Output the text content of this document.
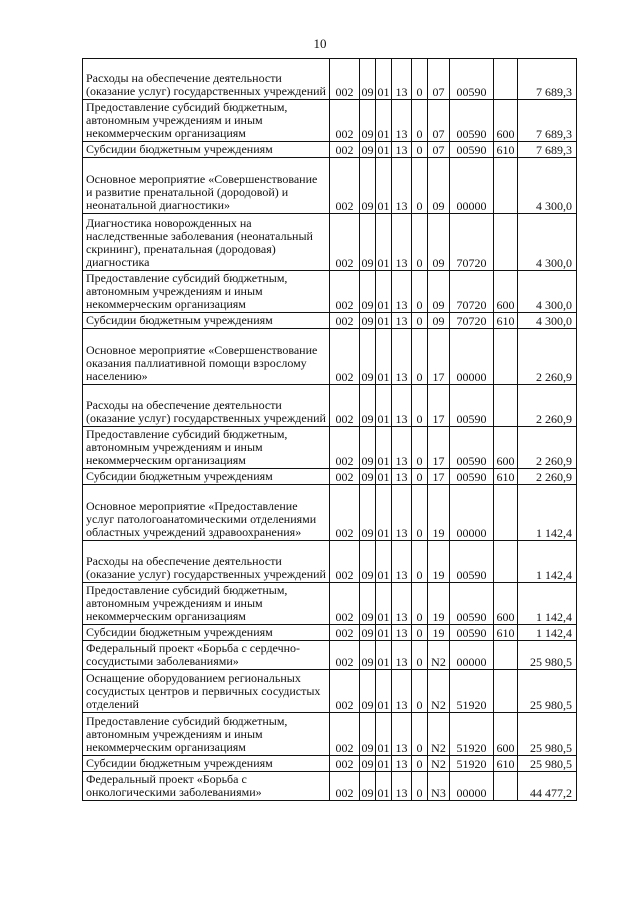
10
Расходы на обеспечение деятельности (оказание услуг) государственных учреждений	002	09	01	13	0	07	00590		7 689,3
Предоставление субсидий бюджетным, автономным учреждениям и иным некоммерческим организациям	002	09	01	13	0	07	00590	600	7 689,3
Субсидии бюджетным учреждениям	002	09	01	13	0	07	00590	610	7 689,3
Основное мероприятие «Совершенствование и развитие пренатальной (дородовой) и неонатальной диагностики»	002	09	01	13	0	09	00000		4 300,0
Диагностика новорожденных на наследственные заболевания (неонатальный скрининг), пренатальная (дородовая) диагностика	002	09	01	13	0	09	70720		4 300,0
Предоставление субсидий бюджетным, автономным учреждениям и иным некоммерческим организациям	002	09	01	13	0	09	70720	600	4 300,0
Субсидии бюджетным учреждениям	002	09	01	13	0	09	70720	610	4 300,0
Основное мероприятие «Совершенствование оказания паллиативной помощи взрослому населению»	002	09	01	13	0	17	00000		2 260,9
Расходы на обеспечение деятельности (оказание услуг) государственных учреждений	002	09	01	13	0	17	00590		2 260,9
Предоставление субсидий бюджетным, автономным учреждениям и иным некоммерческим организациям	002	09	01	13	0	17	00590	600	2 260,9
Субсидии бюджетным учреждениям	002	09	01	13	0	17	00590	610	2 260,9
Основное мероприятие «Предоставление услуг патологоанатомическими отделениями областных учреждений здравоохранения»	002	09	01	13	0	19	00000		1 142,4
Расходы на обеспечение деятельности (оказание услуг) государственных учреждений	002	09	01	13	0	19	00590		1 142,4
Предоставление субсидий бюджетным, автономным учреждениям и иным некоммерческим организациям	002	09	01	13	0	19	00590	600	1 142,4
Субсидии бюджетным учреждениям	002	09	01	13	0	19	00590	610	1 142,4
Федеральный проект «Борьба с сердечно-сосудистыми заболеваниями»	002	09	01	13	0	N2	00000		25 980,5
Оснащение оборудованием региональных сосудистых центров и первичных сосудистых отделений	002	09	01	13	0	N2	51920		25 980,5
Предоставление субсидий бюджетным, автономным учреждениям и иным некоммерческим организациям	002	09	01	13	0	N2	51920	600	25 980,5
Субсидии бюджетным учреждениям	002	09	01	13	0	N2	51920	610	25 980,5
Федеральный проект «Борьба с онкологическими заболеваниями»	002	09	01	13	0	N3	00000		44 477,2
